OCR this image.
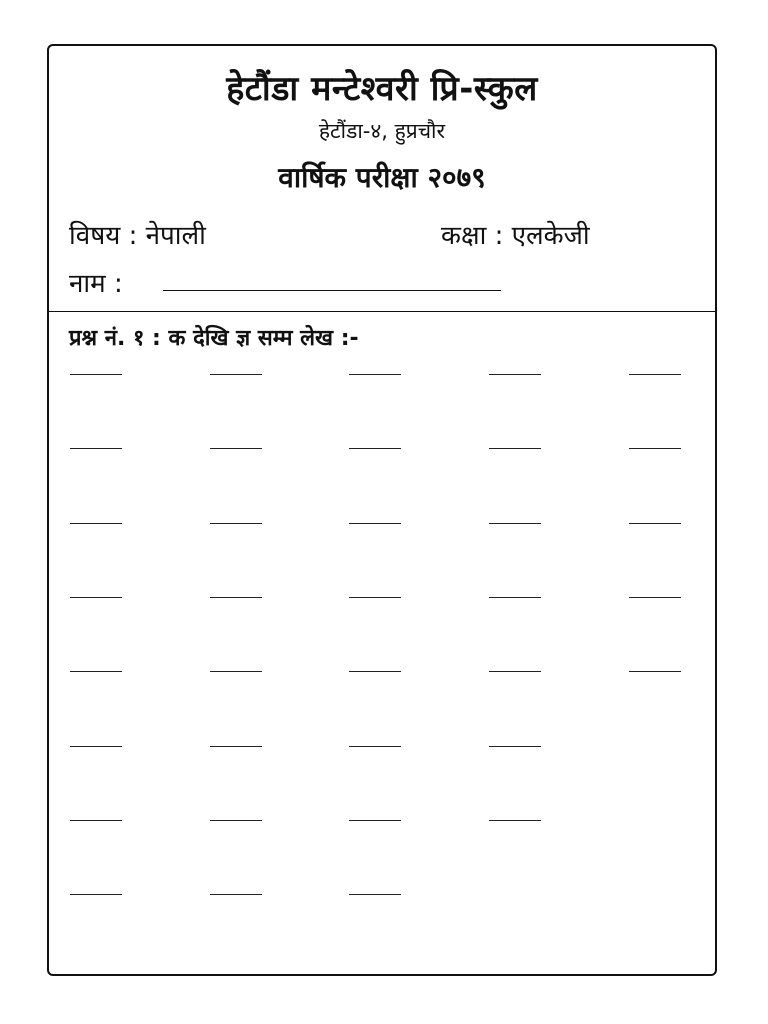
हेटौंडा मन्टेश्वरी प्रि-स्कुल
हेटौंडा-४, हुप्रचौर
वार्षिक परीक्षा २०७९
विषय : नेपाली	कक्षा : एलकेजी
नाम :
प्रश्न नं. १ : क देखि ज्ञ सम्म लेख :-
